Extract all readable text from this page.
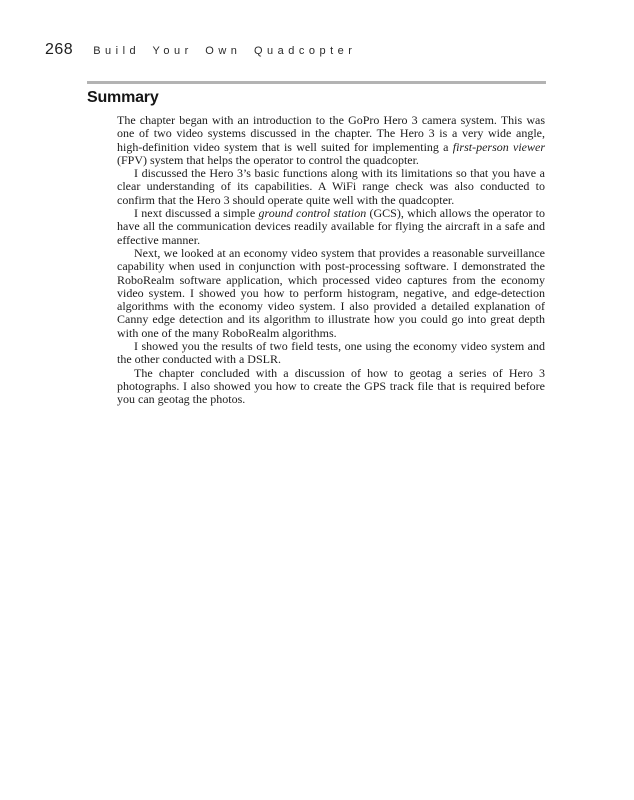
268 Build Your Own Quadcopter
Summary

The chapter began with an introduction to the GoPro Hero 3 camera system. This was one of two video systems discussed in the chapter. The Hero 3 is a very wide angle, high-definition video system that is well suited for implementing a first-person viewer (FPV) system that helps the operator to control the quadcopter.

I discussed the Hero 3’s basic functions along with its limitations so that you have a clear understanding of its capabilities. A WiFi range check was also conducted to confirm that the Hero 3 should operate quite well with the quadcopter.

I next discussed a simple ground control station (GCS), which allows the operator to have all the communication devices readily available for flying the aircraft in a safe and effective manner.

Next, we looked at an economy video system that provides a reasonable surveillance capability when used in conjunction with post-processing software. I demonstrated the RoboRealm software application, which processed video captures from the economy video system. I showed you how to perform histogram, negative, and edge-detection algorithms with the economy video system. I also provided a detailed explanation of Canny edge detection and its algorithm to illustrate how you could go into great depth with one of the many RoboRealm algorithms.

I showed you the results of two field tests, one using the economy video system and the other conducted with a DSLR.

The chapter concluded with a discussion of how to geotag a series of Hero 3 photographs. I also showed you how to create the GPS track file that is required before you can geotag the photos.
